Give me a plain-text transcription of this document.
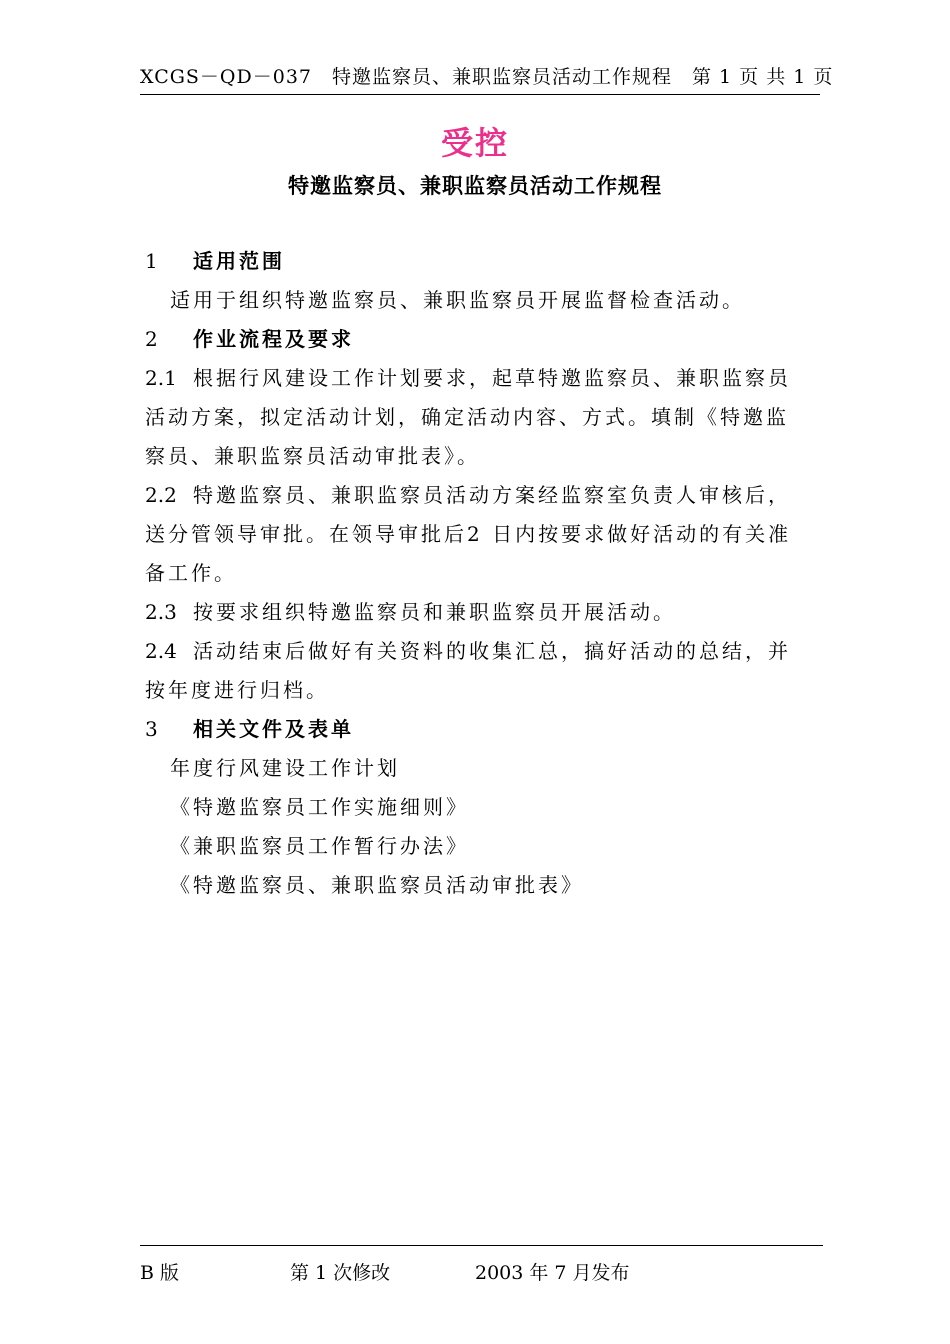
XCGS－QD－037　特邀监察员、兼职监察员活动工作规程　第 1 页 共 1 页
受控
特邀监察员、兼职监察员活动工作规程
1 适用范围
适用于组织特邀监察员、兼职监察员开展监督检查活动。
2 作业流程及要求
2.1 根据行风建设工作计划要求，起草特邀监察员、兼职监察员
活动方案，拟定活动计划，确定活动内容、方式。填制《特邀监
察员、兼职监察员活动审批表》。
2.2 特邀监察员、兼职监察员活动方案经监察室负责人审核后，
送分管领导审批。在领导审批后2 日内按要求做好活动的有关准
备工作。
2.3 按要求组织特邀监察员和兼职监察员开展活动。
2.4 活动结束后做好有关资料的收集汇总，搞好活动的总结，并
按年度进行归档。
3 相关文件及表单
年度行风建设工作计划
《特邀监察员工作实施细则》
《兼职监察员工作暂行办法》
《特邀监察员、兼职监察员活动审批表》
B 版	第 1 次修改	2003 年 7 月发布
